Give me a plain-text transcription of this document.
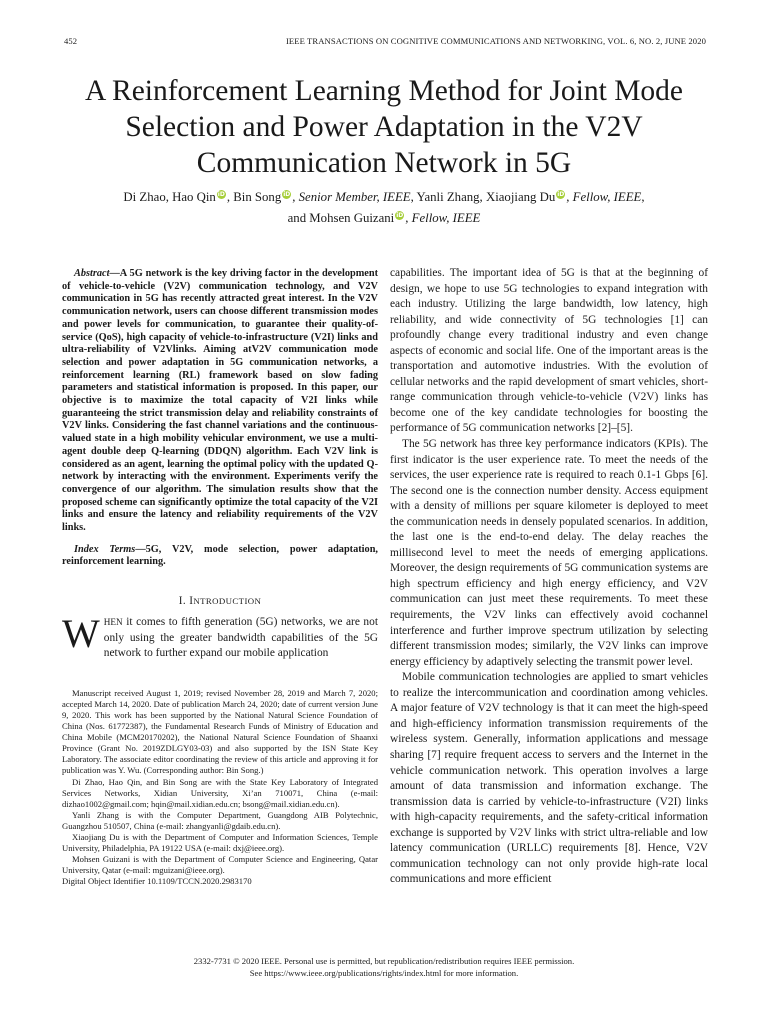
452	IEEE TRANSACTIONS ON COGNITIVE COMMUNICATIONS AND NETWORKING, VOL. 6, NO. 2, JUNE 2020
A Reinforcement Learning Method for Joint Mode Selection and Power Adaptation in the V2V Communication Network in 5G
Di Zhao, Hao Qin iD , Bin Song iD , Senior Member, IEEE, Yanli Zhang, Xiaojiang Du iD , Fellow, IEEE,
and Mohsen Guizani iD , Fellow, IEEE

Abstract—A 5G network is the key driving factor in the development of vehicle-to-vehicle (V2V) communication technology, and V2V communication in 5G has recently attracted great interest. In the V2V communication network, users can choose different transmission modes and power levels for communication, to guarantee their quality-of-service (QoS), high capacity of vehicle-to-infrastructure (V2I) links and ultra-reliability of V2Vlinks. Aiming atV2V communication mode selection and power adaptation in 5G communication networks, a reinforcement learning (RL) framework based on slow fading parameters and statistical information is proposed. In this paper, our objective is to maximize the total capacity of V2I links while guaranteeing the strict transmission delay and reliability constraints of V2V links. Considering the fast channel variations and the continuous-valued state in a high mobility vehicular environment, we use a multi-agent double deep Q-learning (DDQN) algorithm. Each V2V link is considered as an agent, learning the optimal policy with the updated Q-network by interacting with the environment. Experiments verify the convergence of our algorithm. The simulation results show that the proposed scheme can significantly optimize the total capacity of the V2I links and ensure the latency and reliability requirements of the V2V links.

Index Terms—5G, V2V, mode selection, power adaptation, reinforcement learning.

I. INTRODUCTION

WHEN it comes to fifth generation (5G) networks, we are not only using the greater bandwidth capabilities of the 5G network to further expand our mobile application

Manuscript received August 1, 2019; revised November 28, 2019 and March 7, 2020; accepted March 14, 2020. Date of publication March 24, 2020; date of current version June 9, 2020. This work has been supported by the National Natural Science Foundation of China (Nos. 61772387), the Fundamental Research Funds of Ministry of Education and China Mobile (MCM20170202), the National Natural Science Foundation of Shaanxi Province (Grant No. 2019ZDLGY03-03) and also supported by the ISN State Key Laboratory. The associate editor coordinating the review of this article and approving it for publication was Y. Wu. (Corresponding author: Bin Song.)

Di Zhao, Hao Qin, and Bin Song are with the State Key Laboratory of Integrated Services Networks, Xidian University, Xi’an 710071, China (e-mail: dizhao1002@gmail.com; hqin@mail.xidian.edu.cn; bsong@mail.xidian.edu.cn).

Yanli Zhang is with the Computer Department, Guangdong AIB Polytechnic, Guangzhou 510507, China (e-mail: zhangyanli@gdaib.edu.cn).

Xiaojiang Du is with the Department of Computer and Information Sciences, Temple University, Philadelphia, PA 19122 USA (e-mail: dxj@ieee.org).

Mohsen Guizani is with the Department of Computer Science and Engineering, Qatar University, Qatar (e-mail: mguizani@ieee.org).

Digital Object Identifier 10.1109/TCCN.2020.2983170

capabilities. The important idea of 5G is that at the beginning of design, we hope to use 5G technologies to expand integration with each industry. Utilizing the large bandwidth, low latency, high reliability, and wide connectivity of 5G technologies [1] can profoundly change every traditional industry and even change aspects of economic and social life. One of the important areas is the transportation and automotive industries. With the evolution of cellular networks and the rapid development of smart vehicles, short-range communication through vehicle-to-vehicle (V2V) links has become one of the key candidate technologies for boosting the performance of 5G communication networks [2]–[5].

The 5G network has three key performance indicators (KPIs). The first indicator is the user experience rate. To meet the needs of the services, the user experience rate is required to reach 0.1-1 Gbps [6]. The second one is the connection number density. Access equipment with a density of millions per square kilometer is deployed to meet the communication needs in densely populated scenarios. In addition, the last one is the end-to-end delay. The delay reaches the millisecond level to meet the needs of emerging applications. Moreover, the design requirements of 5G communication systems are high spectrum efficiency and high energy efficiency, and V2V communication can just meet these requirements. To meet these requirements, the V2V links can effectively avoid cochannel interference and further improve spectrum utilization by selecting different transmission modes; similarly, the V2V links can improve energy efficiency by adaptively selecting the transmit power level.

Mobile communication technologies are applied to smart vehicles to realize the intercommunication and coordination among vehicles. A major feature of V2V technology is that it can meet the high-speed and high-efficiency information transmission requirements of the wireless system. Generally, information applications and message sharing [7] require frequent access to servers and the Internet in the vehicle communication network. This operation involves a large amount of data transmission and information exchange. The transmission data is carried by vehicle-to-infrastructure (V2I) links with high-capacity requirements, and the safety-critical information exchange is supported by V2V links with strict ultra-reliable and low latency communication (URLLC) requirements [8]. Hence, V2V communication technology can not only provide high-rate local communications and more efficient

2332-7731 © 2020 IEEE. Personal use is permitted, but republication/redistribution requires IEEE permission.
See https://www.ieee.org/publications/rights/index.html for more information.
